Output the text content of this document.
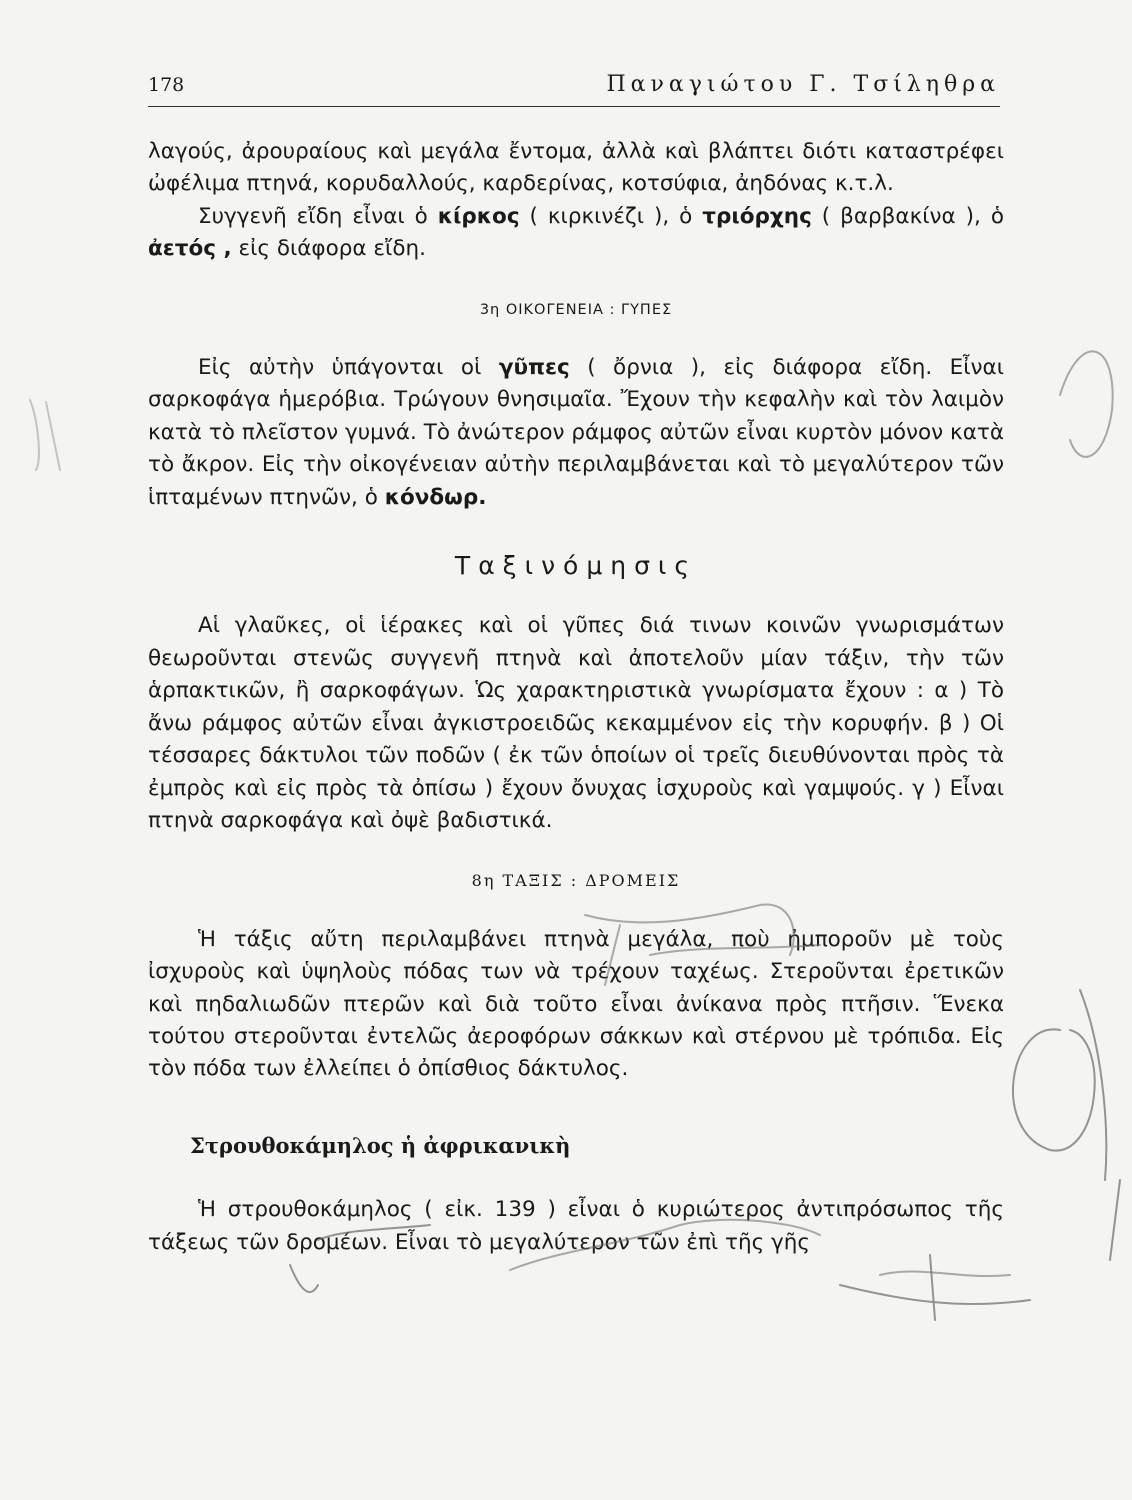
178	Παναγιώτου Γ. Τσίληθρα

λαγούς, ἀρουραίους καὶ μεγάλα ἔντομα, ἀλλὰ καὶ βλάπτει διότι καταστρέφει ὠφέλιμα πτηνά, κορυδαλλούς, καρδερίνας, κοτσύφια, ἀηδόνας κ.τ.λ.

Συγγενῆ εἴδη εἶναι ὁ κίρκος ( κιρκινέζι ), ὁ τριόρχης ( βαρβακίνα ), ὁ ἀετός , εἰς διάφορα εἴδη.

3η ΟΙΚΟΓΕΝΕΙΑ : ΓΥΠΕΣ

Εἰς αὐτὴν ὑπάγονται οἱ γῦπες ( ὄρνια ), εἰς διάφορα εἴδη. Εἶναι σαρκοφάγα ἡμερόβια. Τρώγουν θνησιμαῖα. Ἔχουν τὴν κεφαλὴν καὶ τὸν λαιμὸν κατὰ τὸ πλεῖστον γυμνά. Τὸ ἀνώτερον ράμφος αὐτῶν εἶναι κυρτὸν μόνον κατὰ τὸ ἄκρον. Εἰς τὴν οἰκογένειαν αὐτὴν περιλαμβάνεται καὶ τὸ μεγαλύτερον τῶν ἱπταμένων πτηνῶν, ὁ κόνδωρ.

Ταξινόμησις

Αἱ γλαῦκες, οἱ ἱέρακες καὶ οἱ γῦπες διά τινων κοινῶν γνωρισμάτων θεωροῦνται στενῶς συγγενῆ πτηνὰ καὶ ἀποτελοῦν μίαν τάξιν, τὴν τῶν ἁρπακτικῶν, ἢ σαρκοφάγων. Ὡς χαρακτηριστικὰ γνωρίσματα ἔχουν : α ) Τὸ ἄνω ράμφος αὐτῶν εἶναι ἀγκιστροειδῶς κεκαμμένον εἰς τὴν κορυφήν. β ) Οἱ τέσσαρες δάκτυλοι τῶν ποδῶν ( ἐκ τῶν ὁποίων οἱ τρεῖς διευθύνονται πρὸς τὰ ἐμπρὸς καὶ εἰς πρὸς τὰ ὀπίσω ) ἔχουν ὄνυχας ἰσχυροὺς καὶ γαμψούς. γ ) Εἶναι πτηνὰ σαρκοφάγα καὶ ὀψὲ βαδιστικά.

8η ΤΑΞΙΣ : ΔΡΟΜΕΙΣ

Ἡ τάξις αὔτη περιλαμβάνει πτηνὰ μεγάλα, ποὺ ἠμποροῦν μὲ τοὺς ἰσχυροὺς καὶ ὑψηλοὺς πόδας των νὰ τρέχουν ταχέως. Στεροῦνται ἐρετικῶν καὶ πηδαλιωδῶν πτερῶν καὶ διὰ τοῦτο εἶναι ἀνίκανα πρὸς πτῆσιν. Ἕνεκα τούτου στεροῦνται ἐντελῶς ἀεροφόρων σάκκων καὶ στέρνου μὲ τρόπιδα. Εἰς τὸν πόδα των ἐλλείπει ὁ ὀπίσθιος δάκτυλος.

Στρουθοκάμηλος ἡ ἀφρικανικὴ

Ἡ στρουθοκάμηλος ( εἰκ. 139 ) εἶναι ὁ κυριώτερος ἀντιπρόσωπος τῆς τάξεως τῶν δρομέων. Εἶναι τὸ μεγαλύτερον τῶν ἐπὶ τῆς γῆς
